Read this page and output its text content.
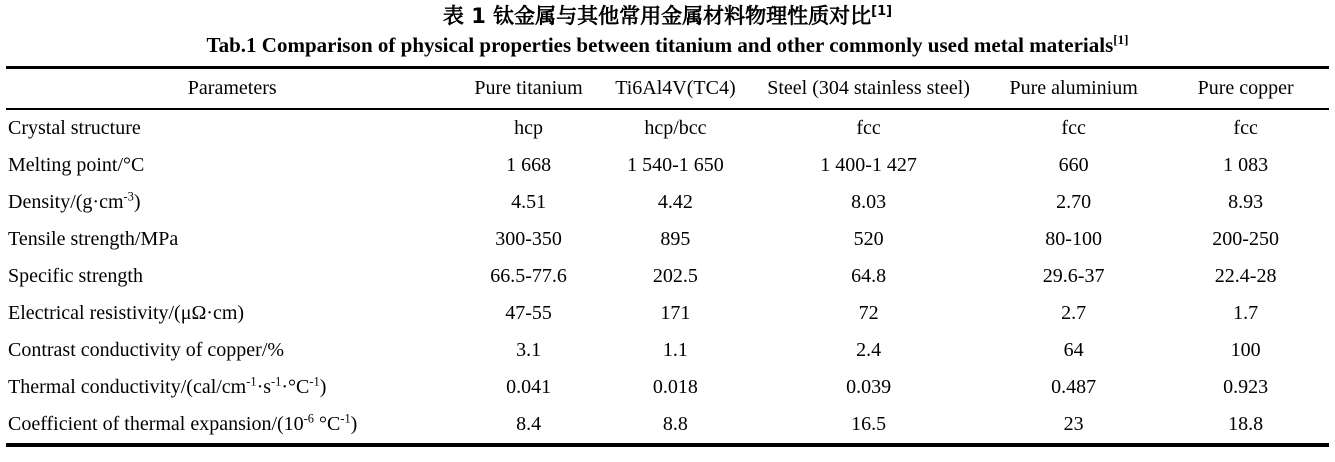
表 1 钛金属与其他常用金属材料物理性质对比[1]
Tab.1 Comparison of physical properties between titanium and other commonly used metal materials[1]
Parameters	Pure titanium	Ti6Al4V(TC4)	Steel (304 stainless steel)	Pure aluminium	Pure copper
Crystal structure	hcp	hcp/bcc	fcc	fcc	fcc
Melting point/°C	1 668	1 540-1 650	1 400-1 427	660	1 083
Density/$(g\cdot cm^{-3})$	4.51	4.42	8.03	2.70	8.93
Tensile strength/MPa	300-350	895	520	80-100	200-250
Specific strength	66.5-77.6	202.5	64.8	29.6-37	22.4-28
Electrical resistivity/(μΩ·cm)	47-55	171	72	2.7	1.7
Contrast conductivity of copper/%	3.1	1.1	2.4	64	100
Thermal conductivity/$(cal/cm^{-1}\cdot s^{-1}\cdot^\circ C^{-1})$	0.041	0.018	0.039	0.487	0.923
Coefficient of thermal expansion/($10^{-6}$ $^\circ C^{-1}$)	8.4	8.8	16.5	23	18.8
